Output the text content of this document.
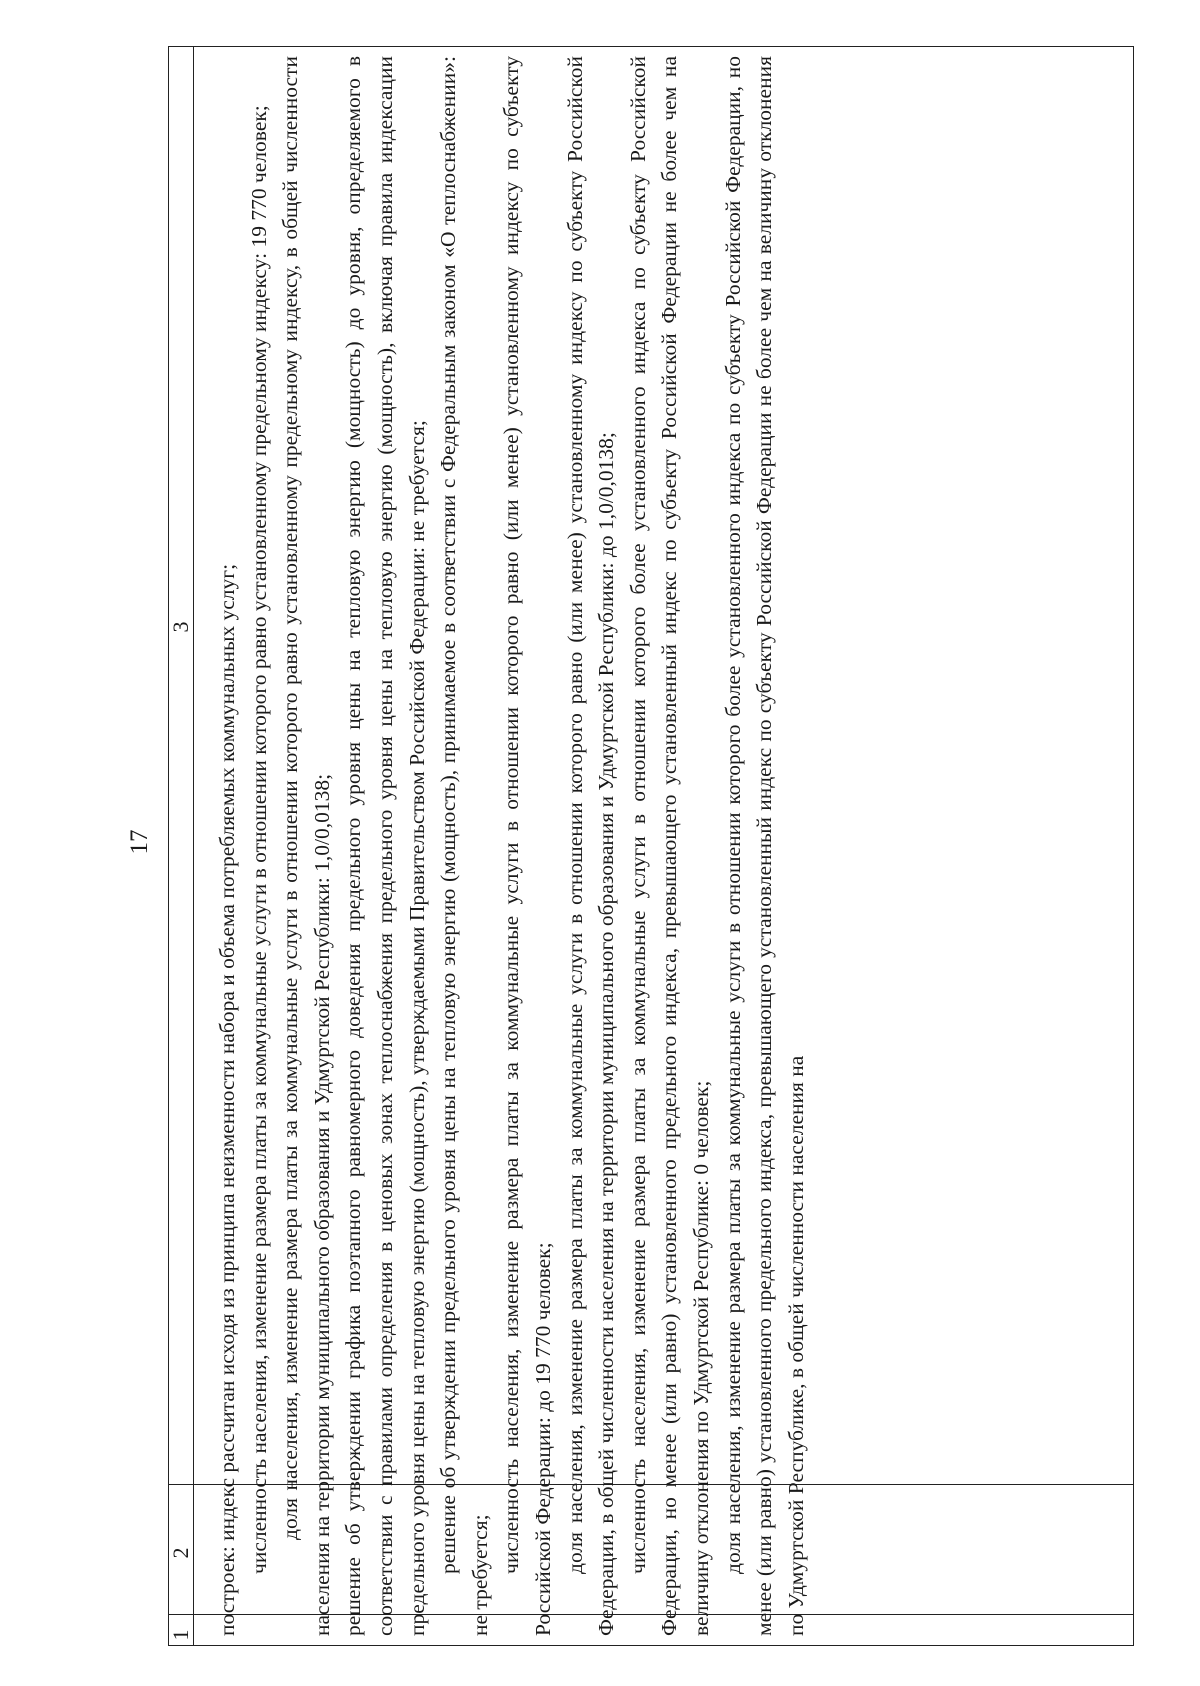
17
1
2
3	построек: индекс рассчитан исходя из принципа неизменности набора и объема потребляемых коммунальных услуг; численность населения, изменение размера платы за коммунальные услуги в отношении которого равно установленному предельному индексу: 19 770 человек; доля населения, изменение размера платы за коммунальные услуги в отношении которого равно установленному предельному индексу, в общей численности населения на территории муниципального образования и Удмуртской Республики: 1,0/0,0138; решение об утверждении графика поэтапного равномерного доведения предельного уровня цены на тепловую энергию (мощность) до уровня, определяемого в соответствии с правилами определения в ценовых зонах теплоснабжения предельного уровня цены на тепловую энергию (мощность), включая правила индексации предельного уровня цены на тепловую энергию (мощность), утверждаемыми Правительством Российской Федерации: не требуется; решение об утверждении предельного уровня цены на тепловую энергию (мощность), принимаемое в соответствии с Федеральным законом «О теплоснабжении»: не требуется;

численность населения, изменение размера платы за коммунальные услуги в отношении которого равно (или менее) установленному индексу по субъекту Российской Федерации: до 19 770 человек; доля населения, изменение размера платы за коммунальные услуги в отношении которого равно (или менее) установленному индексу по субъекту Российской Федерации, в общей численности населения на территории муниципального образования и Удмуртской Республики: до 1,0/0,0138; численность населения, изменение размера платы за коммунальные услуги в отношении которого более установленного индекса по субъекту Российской Федерации, но менее (или равно) установленного предельного индекса, превышающего установленный индекс по субъекту Российской Федерации не более чем на величину отклонения по Удмуртской Республике: 0 человек; доля населения, изменение размера платы за коммунальные услуги в отношении которого более установленного индекса по субъекту Российской Федерации, но менее (или равно) установленного предельного индекса, превышающего установленный индекс по субъекту Российской Федерации не более чем на величину отклонения по Удмуртской Республике, в общей численности населения на
